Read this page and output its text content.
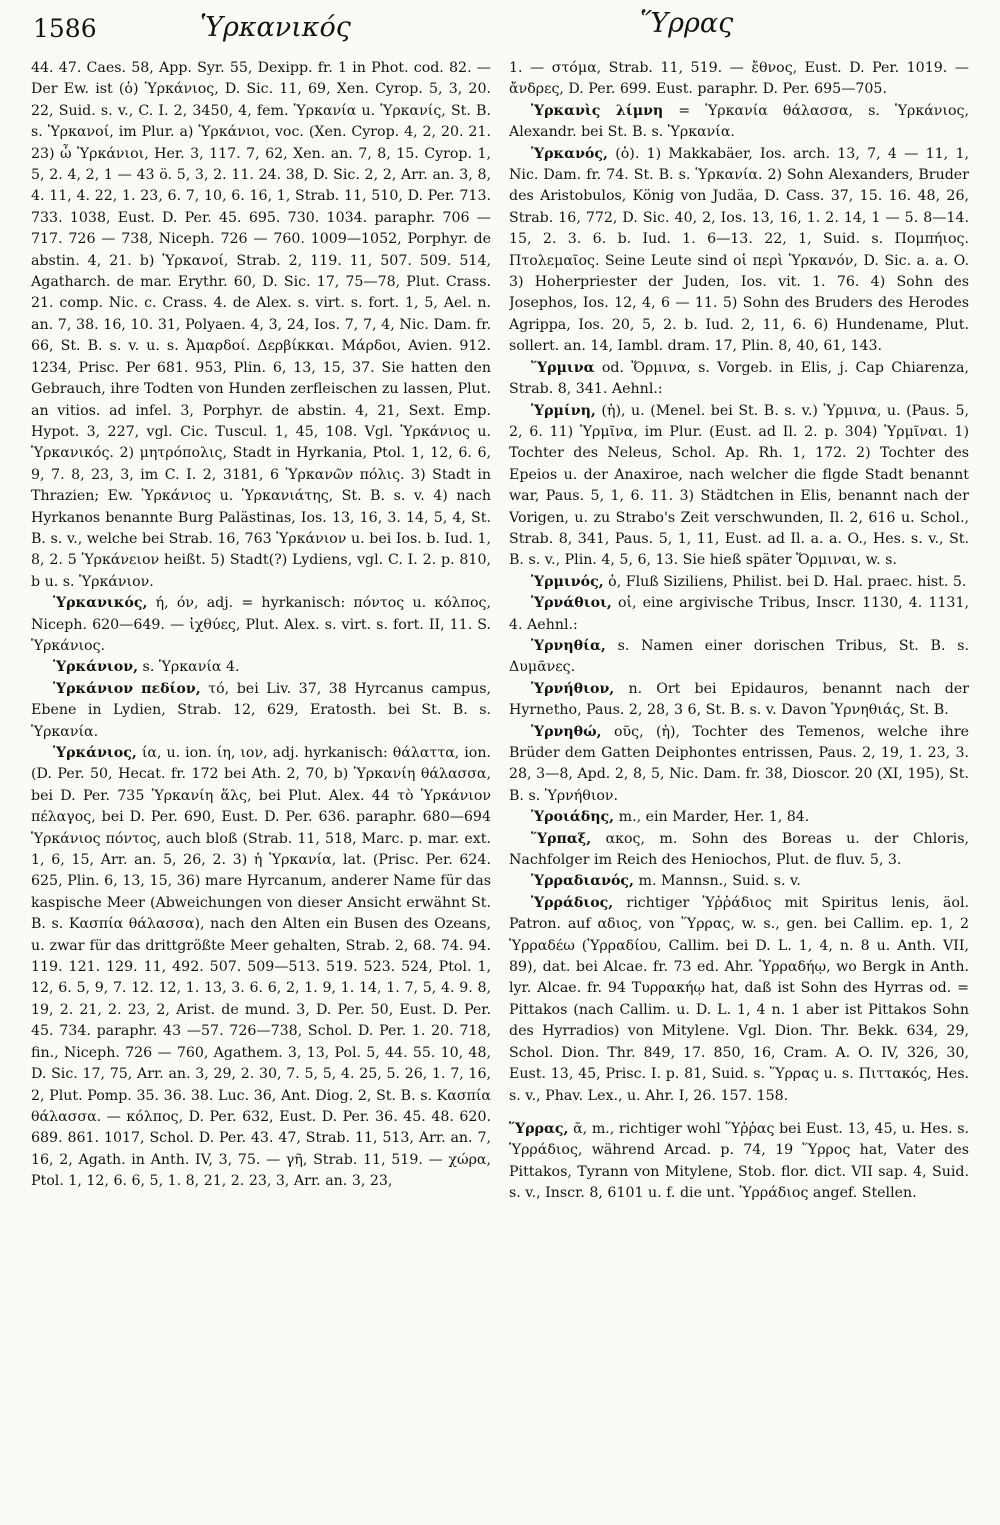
1586	Ὑρκανικός	Ὕρρας

44. 47. Caes. 58, App. Syr. 55, Dexipp. fr. 1 in Phot. cod. 82. — Der Ew. ist (ὁ) Ὑρκάνιος, D. Sic. 11, 69, Xen. Cyrop. 5, 3, 20. 22, Suid. s. v., C. I. 2, 3450, 4, fem. Ὑρκανία u. Ὑρκανίς, St. B. s. Ὑρκανοί, im Plur. a) Ὑρκάνιοι, voc. (Xen. Cyrop. 4, 2, 20. 21. 23) ὦ Ὑρκάνιοι, Her. 3, 117. 7, 62, Xen. an. 7, 8, 15. Cyrop. 1, 5, 2. 4, 2, 1 — 43 ö. 5, 3, 2. 11. 24. 38, D. Sic. 2, 2, Arr. an. 3, 8, 4. 11, 4. 22, 1. 23, 6. 7, 10, 6. 16, 1, Strab. 11, 510, D. Per. 713. 733. 1038, Eust. D. Per. 45. 695. 730. 1034. paraphr. 706 — 717. 726 — 738, Niceph. 726 — 760. 1009—1052, Porphyr. de abstin. 4, 21. b) Ὑρκανοί, Strab. 2, 119. 11, 507. 509. 514, Agatharch. de mar. Erythr. 60, D. Sic. 17, 75—78, Plut. Crass. 21. comp. Nic. c. Crass. 4. de Alex. s. virt. s. fort. 1, 5, Ael. n. an. 7, 38. 16, 10. 31, Polyaen. 4, 3, 24, Ios. 7, 7, 4, Nic. Dam. fr. 66, St. B. s. v. u. s. Ἀμαρδοί. Δερβίκκαι. Μάρδοι, Avien. 912. 1234, Prisc. Per 681. 953, Plin. 6, 13, 15, 37. Sie hatten den Gebrauch, ihre Todten von Hunden zerfleischen zu lassen, Plut. an vitios. ad infel. 3, Porphyr. de abstin. 4, 21, Sext. Emp. Hypot. 3, 227, vgl. Cic. Tuscul. 1, 45, 108. Vgl. Ὑρκάνιος u. Ὑρκανικός. 2) μητρόπολις, Stadt in Hyrkania, Ptol. 1, 12, 6. 6, 9, 7. 8, 23, 3, im C. I. 2, 3181, 6 Ὑρκανῶν πόλις. 3) Stadt in Thrazien; Ew. Ὑρκάνιος u. Ὑρκανιάτης, St. B. s. v. 4) nach Hyrkanos benannte Burg Palästinas, Ios. 13, 16, 3. 14, 5, 4, St. B. s. v., welche bei Strab. 16, 763 Ὑρκάνιον u. bei Ios. b. Iud. 1, 8, 2. 5 Ὑρκάνειον heißt. 5) Stadt(?) Lydiens, vgl. C. I. 2. p. 810, b u. s. Ὑρκάνιον.

Ὑρκανικός, ή, όν, adj. = hyrkanisch: πόντος u. κόλπος, Niceph. 620—649. — ἰχθύες, Plut. Alex. s. virt. s. fort. II, 11. S. Ὑρκάνιος.

Ὑρκάνιον, s. Ὑρκανία 4.

Ὑρκάνιον πεδίον, τό, bei Liv. 37, 38 Hyrcanus campus, Ebene in Lydien, Strab. 12, 629, Eratosth. bei St. B. s. Ὑρκανία.

Ὑρκάνιος, ία, u. ion. ίη, ιον, adj. hyrkanisch: θάλαττα, ion. (D. Per. 50, Hecat. fr. 172 bei Ath. 2, 70, b) Ὑρκανίη θάλασσα, bei D. Per. 735 Ὑρκανίη ἅλς, bei Plut. Alex. 44 τὸ Ὑρκάνιον πέλαγος, bei D. Per. 690, Eust. D. Per. 636. paraphr. 680—694 Ὑρκάνιος πόντος, auch bloß (Strab. 11, 518, Marc. p. mar. ext. 1, 6, 15, Arr. an. 5, 26, 2. 3) ἡ Ὑρκανία, lat. (Prisc. Per. 624. 625, Plin. 6, 13, 15, 36) mare Hyrcanum, anderer Name für das kaspische Meer (Abweichungen von dieser Ansicht erwähnt St. B. s. Κασπία θάλασσα), nach den Alten ein Busen des Ozeans, u. zwar für das drittgrößte Meer gehalten, Strab. 2, 68. 74. 94. 119. 121. 129. 11, 492. 507. 509—513. 519. 523. 524, Ptol. 1, 12, 6. 5, 9, 7. 12. 12, 1. 13, 3. 6. 6, 2, 1. 9, 1. 14, 1. 7, 5, 4. 9. 8, 19, 2. 21, 2. 23, 2, Arist. de mund. 3, D. Per. 50, Eust. D. Per. 45. 734. paraphr. 43 —57. 726—738, Schol. D. Per. 1. 20. 718, fin., Niceph. 726 — 760, Agathem. 3, 13, Pol. 5, 44. 55. 10, 48, D. Sic. 17, 75, Arr. an. 3, 29, 2. 30, 7. 5, 5, 4. 25, 5. 26, 1. 7, 16, 2, Plut. Pomp. 35. 36. 38. Luc. 36, Ant. Diog. 2, St. B. s. Κασπία θάλασσα. — κόλπος, D. Per. 632, Eust. D. Per. 36. 45. 48. 620. 689. 861. 1017, Schol. D. Per. 43. 47, Strab. 11, 513, Arr. an. 7, 16, 2, Agath. in Anth. IV, 3, 75. — γῆ, Strab. 11, 519. — χώρα, Ptol. 1, 12, 6. 6, 5, 1. 8, 21, 2. 23, 3, Arr. an. 3, 23,

1. — στόμα, Strab. 11, 519. — ἔθνος, Eust. D. Per. 1019. — ἄνδρες, D. Per. 699. Eust. paraphr. D. Per. 695—705.

Ὑρκανὶς λίμνη = Ὑρκανία θάλασσα, s. Ὑρκάνιος, Alexandr. bei St. B. s. Ὑρκανία.

Ὑρκανός, (ὁ). 1) Makkabäer, Ios. arch. 13, 7, 4 — 11, 1, Nic. Dam. fr. 74. St. B. s. Ὑρκανία. 2) Sohn Alexanders, Bruder des Aristobulos, König von Judäa, D. Cass. 37, 15. 16. 48, 26, Strab. 16, 772, D. Sic. 40, 2, Ios. 13, 16, 1. 2. 14, 1 — 5. 8—14. 15, 2. 3. 6. b. Iud. 1. 6—13. 22, 1, Suid. s. Πομπήιος. Πτολεμαῖος. Seine Leute sind οἱ περὶ Ὑρκανόν, D. Sic. a. a. O. 3) Hoherpriester der Juden, Ios. vit. 1. 76. 4) Sohn des Josephos, Ios. 12, 4, 6 — 11. 5) Sohn des Bruders des Herodes Agrippa, Ios. 20, 5, 2. b. Iud. 2, 11, 6. 6) Hundename, Plut. sollert. an. 14, Iambl. dram. 17, Plin. 8, 40, 61, 143.

Ὕρμινα od. Ὅρμινα, s. Vorgeb. in Elis, j. Cap Chiarenza, Strab. 8, 341. Aehnl.:

Ὑρμίνη, (ἡ), u. (Menel. bei St. B. s. v.) Ὑρμινα, u. (Paus. 5, 2, 6. 11) Ὑρμῖνα, im Plur. (Eust. ad Il. 2. p. 304) Ὑρμῖναι. 1) Tochter des Neleus, Schol. Ap. Rh. 1, 172. 2) Tochter des Epeios u. der Anaxiroe, nach welcher die flgde Stadt benannt war, Paus. 5, 1, 6. 11. 3) Städtchen in Elis, benannt nach der Vorigen, u. zu Strabo's Zeit verschwunden, Il. 2, 616 u. Schol., Strab. 8, 341, Paus. 5, 1, 11, Eust. ad Il. a. a. O., Hes. s. v., St. B. s. v., Plin. 4, 5, 6, 13. Sie hieß später Ὅρμιναι, w. s.

Ὑρμινός, ὁ, Fluß Siziliens, Philist. bei D. Hal. praec. hist. 5.

Ὑρνάθιοι, οἱ, eine argivische Tribus, Inscr. 1130, 4. 1131, 4. Aehnl.:

Ὑρνηθία, s. Namen einer dorischen Tribus, St. B. s. Δυμᾶνες.

Ὑρνήθιον, n. Ort bei Epidauros, benannt nach der Hyrnetho, Paus. 2, 28, 3 6, St. B. s. v. Davon Ὑρνηθιάς, St. B.

Ὑρνηθώ, οῦς, (ἡ), Tochter des Temenos, welche ihre Brüder dem Gatten Deiphontes entrissen, Paus. 2, 19, 1. 23, 3. 28, 3—8, Apd. 2, 8, 5, Nic. Dam. fr. 38, Dioscor. 20 (XI, 195), St. B. s. Ὑρνήθιον.

Ὑροιάδης, m., ein Marder, Her. 1, 84.

Ὕρπαξ, ακος, m. Sohn des Boreas u. der Chloris, Nachfolger im Reich des Heniochos, Plut. de fluv. 5, 3.

Ὑρραδιανός, m. Mannsn., Suid. s. v.

Ὑρράδιος, richtiger Ὑῤῥάδιος mit Spiritus lenis, äol. Patron. auf αδιος, von Ὕρρας, w. s., gen. bei Callim. ep. 1, 2 Ὑρραδέω (Ὑρραδίου, Callim. bei D. L. 1, 4, n. 8 u. Anth. VII, 89), dat. bei Alcae. fr. 73 ed. Ahr. Ὑρραδήῳ, wo Bergk in Anth. lyr. Alcae. fr. 94 Τυρρακήῳ hat, daß ist Sohn des Hyrras od. = Pittakos (nach Callim. u. D. L. 1, 4 n. 1 aber ist Pittakos Sohn des Hyrradios) von Mitylene. Vgl. Dion. Thr. Bekk. 634, 29, Schol. Dion. Thr. 849, 17. 850, 16, Cram. A. O. IV, 326, 30, Eust. 13, 45, Prisc. I. p. 81, Suid. s. Ὕρρας u. s. Πιττακός, Hes. s. v., Phav. Lex., u. Ahr. I, 26. 157. 158.

Ὕρρας, ᾱ, m., richtiger wohl Ὕῤῥας bei Eust. 13, 45, u. Hes. s. Ὑρράδιος, während Arcad. p. 74, 19 Ὕρρος hat, Vater des Pittakos, Tyrann von Mitylene, Stob. flor. dict. VII sap. 4, Suid. s. v., Inscr. 8, 6101 u. f. die unt. Ὑρράδιος angef. Stellen.
